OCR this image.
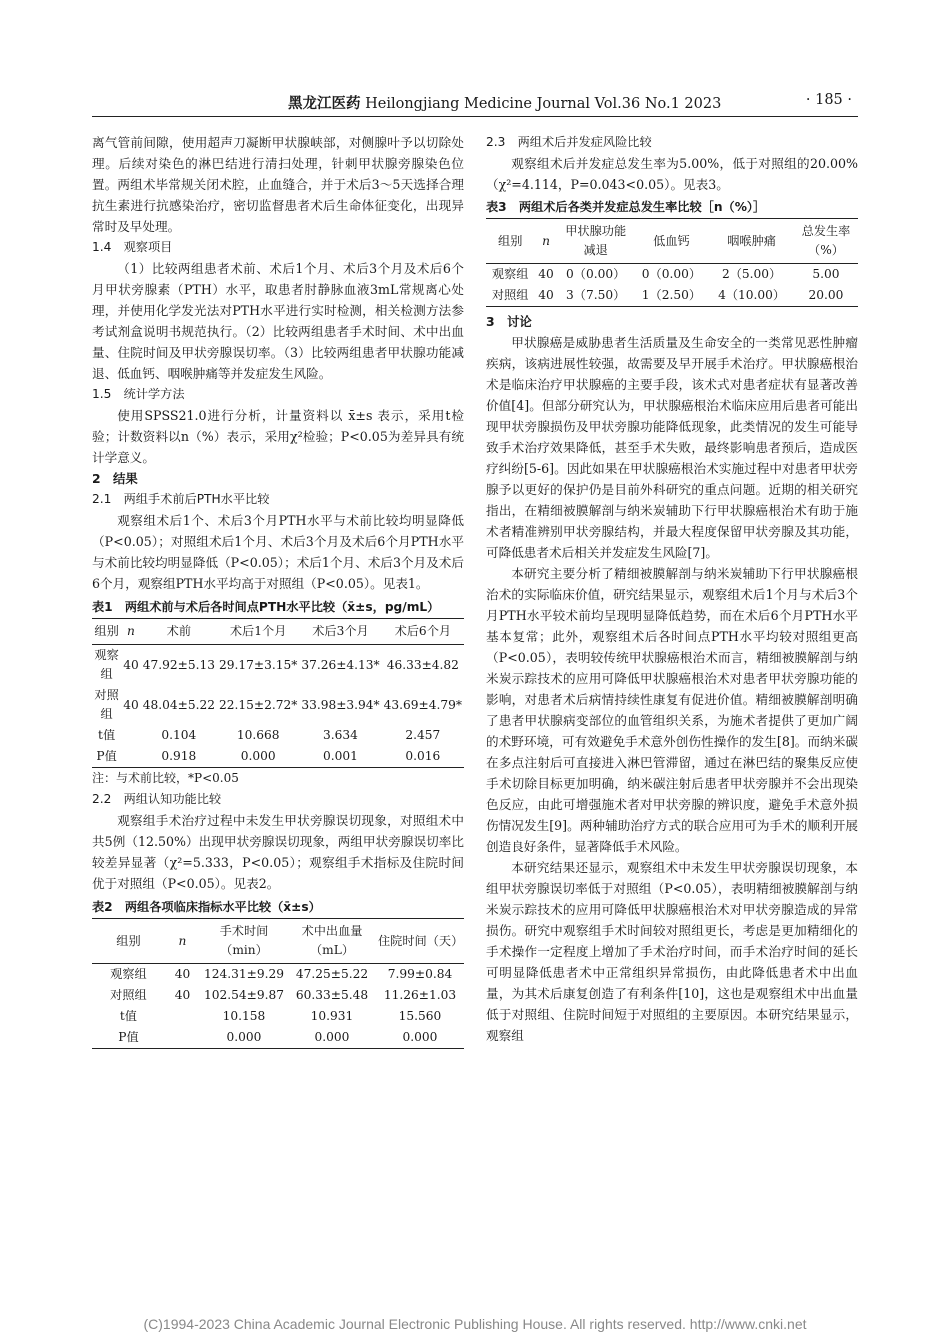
黑龙江医药 Heilongjiang Medicine Journal Vol.36 No.1 2023	· 185 ·

离气管前间隙，使用超声刀凝断甲状腺峡部，对侧腺叶予以切除处理。后续对染色的淋巴结进行清扫处理，针刺甲状腺旁腺染色位置。两组术毕常规关闭术腔，止血缝合，并于术后3～5天选择合理抗生素进行抗感染治疗，密切监督患者术后生命体征变化，出现异常时及早处理。

1.4　观察项目

（1）比较两组患者术前、术后1个月、术后3个月及术后6个月甲状旁腺素（PTH）水平，取患者肘静脉血液3mL常规离心处理，并使用化学发光法对PTH水平进行实时检测，相关检测方法参考试剂盒说明书规范执行。（2）比较两组患者手术时间、术中出血量、住院时间及甲状旁腺误切率。（3）比较两组患者甲状腺功能减退、低血钙、咽喉肿痛等并发症发生风险。

1.5　统计学方法

使用SPSS21.0进行分析，计量资料以 x̄±s 表示，采用t检验；计数资料以n（%）表示，采用χ²检验；P<0.05为差异具有统计学意义。

2　结果

2.1　两组手术前后PTH水平比较

观察组术后1个、术后3个月PTH水平与术前比较均明显降低（P<0.05）；对照组术后1个月、术后3个月及术后6个月PTH水平与术前比较均明显降低（P<0.05）；术后1个月、术后3个月及术后6个月，观察组PTH水平均高于对照组（P<0.05）。见表1。

表1　两组术前与术后各时间点PTH水平比较（x̄±s，pg/mL）

组别	n	术前	术后1个月	术后3个月	术后6个月
观察组	40	47.92±5.13	29.17±3.15*	37.26±4.13*	46.33±4.82
对照组	40	48.04±5.22	22.15±2.72*	33.98±3.94*	43.69±4.79*
t值		0.104	10.668	3.634	2.457
P值		0.918	0.000	0.001	0.016

注：与术前比较，*P<0.05

2.2　两组认知功能比较

观察组手术治疗过程中未发生甲状旁腺误切现象，对照组术中共5例（12.50%）出现甲状旁腺误切现象，两组甲状旁腺误切率比较差异显著（χ²=5.333，P<0.05）；观察组手术指标及住院时间优于对照组（P<0.05）。见表2。

表2　两组各项临床指标水平比较（x̄±s）

组别	n	手术时间（min）	术中出血量（mL）	住院时间（天）
观察组	40	124.31±9.29	47.25±5.22	7.99±0.84
对照组	40	102.54±9.87	60.33±5.48	11.26±1.03
t值		10.158	10.931	15.560
P值		0.000	0.000	0.000

2.3　两组术后并发症风险比较

观察组术后并发症总发生率为5.00%，低于对照组的20.00%（χ²=4.114，P=0.043<0.05）。见表3。

表3　两组术后各类并发症总发生率比较［n（%）］

组别	n	甲状腺功能减退	低血钙	咽喉肿痛	总发生率（%）
观察组	40	0（0.00）	0（0.00）	2（5.00）	5.00
对照组	40	3（7.50）	1（2.50）	4（10.00）	20.00

3　讨论

甲状腺癌是威胁患者生活质量及生命安全的一类常见恶性肿瘤疾病，该病进展性较强，故需要及早开展手术治疗。甲状腺癌根治术是临床治疗甲状腺癌的主要手段，该术式对患者症状有显著改善价值[4]。但部分研究认为，甲状腺癌根治术临床应用后患者可能出现甲状旁腺损伤及甲状旁腺功能降低现象，此类情况的发生可能导致手术治疗效果降低，甚至手术失败，最终影响患者预后，造成医疗纠纷[5-6]。因此如果在甲状腺癌根治术实施过程中对患者甲状旁腺予以更好的保护仍是目前外科研究的重点问题。近期的相关研究指出，在精细被膜解剖与纳米炭辅助下行甲状腺癌根治术有助于施术者精准辨别甲状旁腺结构，并最大程度保留甲状旁腺及其功能，可降低患者术后相关并发症发生风险[7]。

本研究主要分析了精细被膜解剖与纳米炭辅助下行甲状腺癌根治术的实际临床价值，研究结果显示，观察组术后1个月与术后3个月PTH水平较术前均呈现明显降低趋势，而在术后6个月PTH水平基本复常；此外，观察组术后各时间点PTH水平均较对照组更高（P<0.05），表明较传统甲状腺癌根治术而言，精细被膜解剖与纳米炭示踪技术的应用可降低甲状腺癌根治术对患者甲状旁腺功能的影响，对患者术后病情持续性康复有促进价值。精细被膜解剖明确了患者甲状腺病变部位的血管组织关系，为施术者提供了更加广阔的术野环境，可有效避免手术意外创伤性操作的发生[8]。而纳米碳在多点注射后可直接进入淋巴管滞留，通过在淋巴结的聚集反应使手术切除目标更加明确，纳米碳注射后患者甲状旁腺并不会出现染色反应，由此可增强施术者对甲状旁腺的辨识度，避免手术意外损伤情况发生[9]。两种辅助治疗方式的联合应用可为手术的顺利开展创造良好条件，显著降低手术风险。

本研究结果还显示，观察组术中未发生甲状旁腺误切现象，本组甲状旁腺误切率低于对照组（P<0.05），表明精细被膜解剖与纳米炭示踪技术的应用可降低甲状腺癌根治术对甲状旁腺造成的异常损伤。研究中观察组手术时间较对照组更长，考虑是更加精细化的手术操作一定程度上增加了手术治疗时间，而手术治疗时间的延长可明显降低患者术中正常组织异常损伤，由此降低患者术中出血量，为其术后康复创造了有利条件[10]，这也是观察组术中出血量低于对照组、住院时间短于对照组的主要原因。本研究结果显示，观察组

(C)1994-2023 China Academic Journal Electronic Publishing House. All rights reserved. http://www.cnki.net
